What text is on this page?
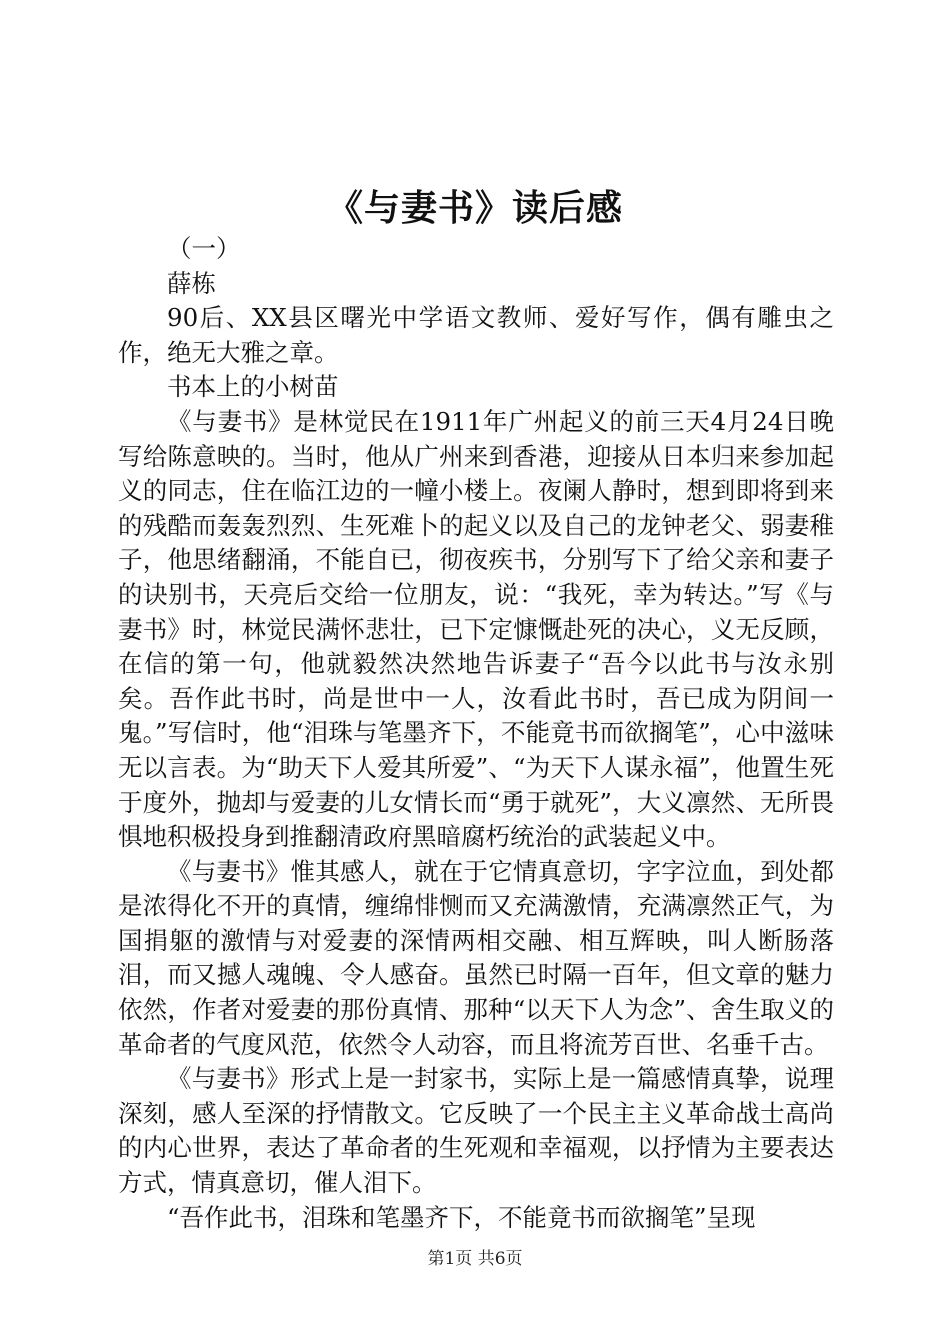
《与妻书》读后感

（一）

薛栋

90后、XX县区曙光中学语文教师、爱好写作，偶有雕虫之作，绝无大雅之章。

书本上的小树苗

《与妻书》是林觉民在1911年广州起义的前三天4月24日晚写给陈意映的。当时，他从广州来到香港，迎接从日本归来参加起义的同志，住在临江边的一幢小楼上。夜阑人静时，想到即将到来的残酷而轰轰烈烈、生死难卜的起义以及自己的龙钟老父、弱妻稚子，他思绪翻涌，不能自已，彻夜疾书，分别写下了给父亲和妻子的诀别书，天亮后交给一位朋友，说：“我死，幸为转达。”写《与妻书》时，林觉民满怀悲壮，已下定慷慨赴死的决心，义无反顾，在信的第一句，他就毅然决然地告诉妻子“吾今以此书与汝永别矣。吾作此书时，尚是世中一人，汝看此书时，吾已成为阴间一鬼。”写信时，他“泪珠与笔墨齐下，不能竟书而欲搁笔”，心中滋味无以言表。为“助天下人爱其所爱”、“为天下人谋永福”，他置生死于度外，抛却与爱妻的儿女情长而“勇于就死”，大义凛然、无所畏惧地积极投身到推翻清政府黑暗腐朽统治的武装起义中。

《与妻书》惟其感人，就在于它情真意切，字字泣血，到处都是浓得化不开的真情，缠绵悱恻而又充满激情，充满凛然正气，为国捐躯的激情与对爱妻的深情两相交融、相互辉映，叫人断肠落泪，而又撼人魂魄、令人感奋。虽然已时隔一百年，但文章的魅力依然，作者对爱妻的那份真情、那种“以天下人为念”、舍生取义的革命者的气度风范，依然令人动容，而且将流芳百世、名垂千古。

《与妻书》形式上是一封家书，实际上是一篇感情真挚，说理深刻，感人至深的抒情散文。它反映了一个民主主义革命战士高尚的内心世界，表达了革命者的生死观和幸福观，以抒情为主要表达方式，情真意切，催人泪下。

“吾作此书，泪珠和笔墨齐下，不能竟书而欲搁笔”呈现

第1页 共6页
